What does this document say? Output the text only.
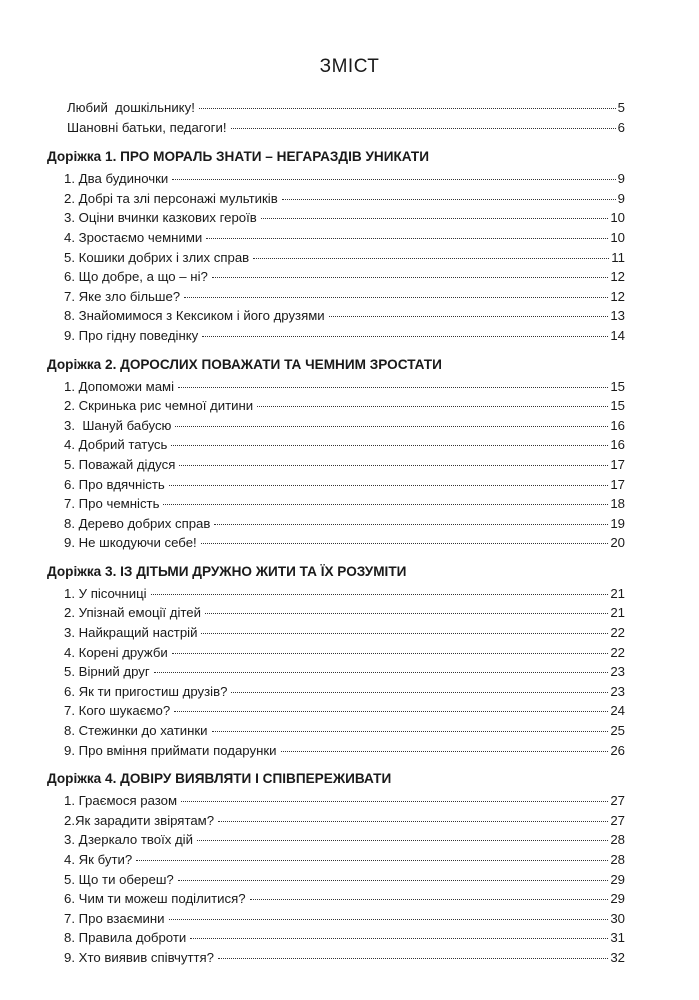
ЗМІСТ
Любий  дошкільнику!	5
Шановні батьки, педагоги!	6
Доріжка 1. ПРО МОРАЛЬ ЗНАТИ – НЕГАРАЗДІВ УНИКАТИ
1. Два будиночки	9
2. Добрі та злі персонажі мультиків	9
3. Оціни вчинки казкових героїв	10
4. Зростаємо чемними	10
5. Кошики добрих і злих справ	11
6. Що добре, а що – ні?	12
7. Яке зло більше?	12
8. Знайомимося з Кексиком і його друзями	13
9. Про гідну поведінку	14
Доріжка 2. ДОРОСЛИХ ПОВАЖАТИ ТА ЧЕМНИМ ЗРОСТАТИ
1. Допоможи мамі	15
2. Скринька рис чемної дитини	15
3.  Шануй бабусю	16
4. Добрий татусь	16
5. Поважай дідуся	17
6. Про вдячність	17
7. Про чемність	18
8. Дерево добрих справ	19
9. Не шкодуючи себе!	20
Доріжка 3. ІЗ ДІТЬМИ ДРУЖНО ЖИТИ ТА ЇХ РОЗУМІТИ
1. У пісочниці	21
2. Упізнай емоції дітей	21
3. Найкращий настрій	22
4. Корені дружби	22
5. Вірний друг	23
6. Як ти пригостиш друзів?	23
7. Кого шукаємо?	24
8. Стежинки до хатинки	25
9. Про вміння приймати подарунки	26
Доріжка 4. ДОВІРУ ВИЯВЛЯТИ І СПІВПЕРЕЖИВАТИ
1. Граємося разом	27
2.Як зарадити звірятам?	27
3. Дзеркало твоїх дій	28
4. Як бути?	28
5. Що ти обереш?	29
6. Чим ти можеш поділитися?	29
7. Про взаємини	30
8. Правила доброти	31
9. Хто виявив співчуття?	32
